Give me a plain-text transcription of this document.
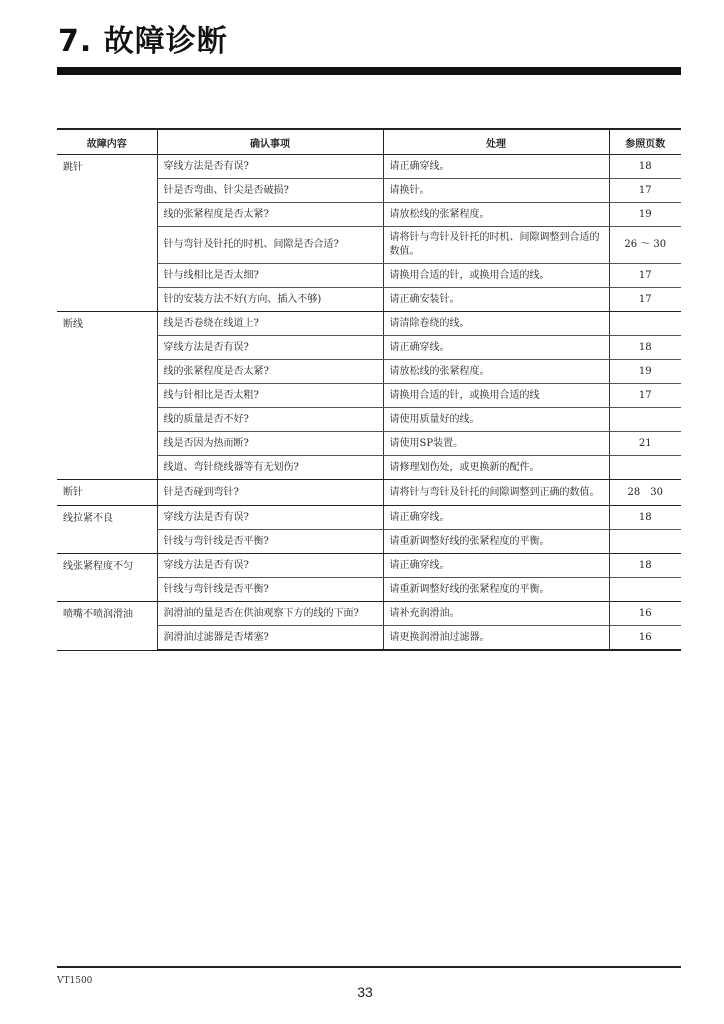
7. 故障诊断
故障内容	确认事项	处理	参照页数
跳针	穿线方法是否有误?	请正确穿线。	18
	针是否弯曲、针尖是否破损?	请换针。	17
	线的张紧程度是否太紧?	请放松线的张紧程度。	19
	针与弯针及针托的时机、间隙是否合适?	请将针与弯针及针托的时机、间隙调整到合适的数值。	26 ～ 30
	针与线相比是否太细?	请换用合适的针，或换用合适的线。	17
	针的安装方法不好(方向、插入不够)	请正确安装针。	17
断线	线是否卷绕在线道上?	请清除卷绕的线。	
	穿线方法是否有误?	请正确穿线。	18
	线的张紧程度是否太紧?	请放松线的张紧程度。	19
	线与针相比是否太粗?	请换用合适的针，或换用合适的线	17
	线的质量是否不好?	请使用质量好的线。	
	线是否因为热而断?	请使用SP装置。	21
	线道、弯针绕线器等有无划伤?	请修理划伤处，或更换新的配件。	
断针	针是否碰到弯针?	请将针与弯针及针托的间隙调整到正确的数值。	28　30
线拉紧不良	穿线方法是否有误?	请正确穿线。	18
	针线与弯针线是否平衡?	请重新调整好线的张紧程度的平衡。	
线张紧程度不匀	穿线方法是否有误?	请正确穿线。	18
	针线与弯针线是否平衡?	请重新调整好线的张紧程度的平衡。	
喷嘴不喷润滑油	润滑油的量是否在供油观察下方的线的下面?	请补充润滑油。	16
	润滑油过滤器是否堵塞?	请更换润滑油过滤器。	16
VT1500
33
